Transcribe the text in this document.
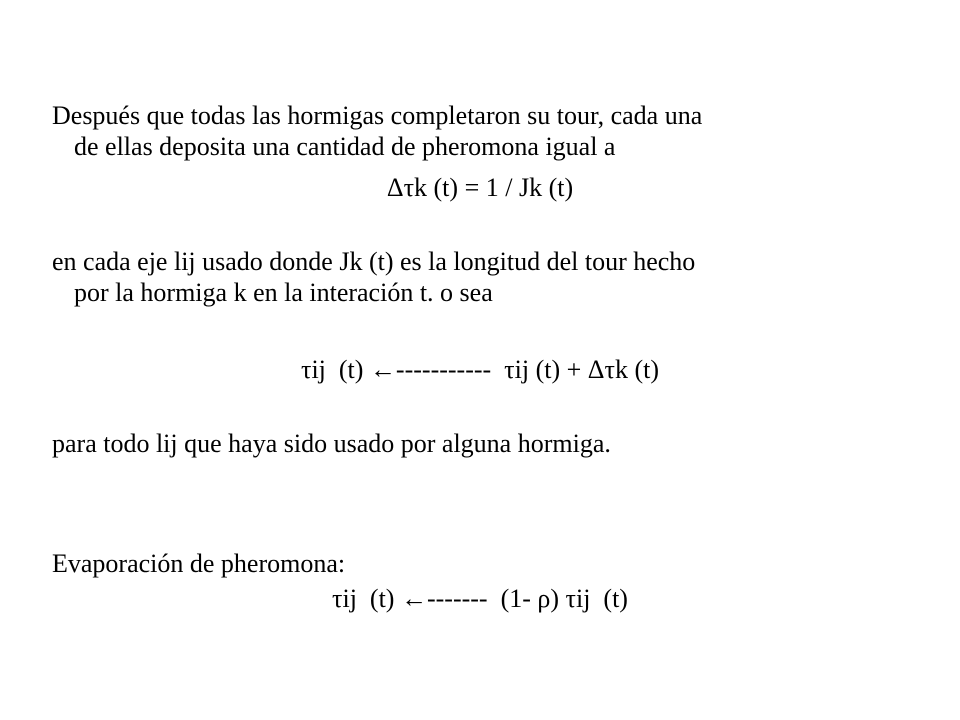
Después que todas las hormigas completaron su tour, cada una
de ellas deposita una cantidad de pheromona igual a
Δτk (t) = 1 / Jk (t)
en cada eje lij usado donde Jk (t) es la longitud del tour hecho
por la hormiga k en la interación t. o sea
τij  (t) ←-----------  τij (t) + Δτk (t)
para todo lij que haya sido usado por alguna hormiga.
Evaporación de pheromona:
τij  (t) ←-------  (1- ρ) τij  (t)
